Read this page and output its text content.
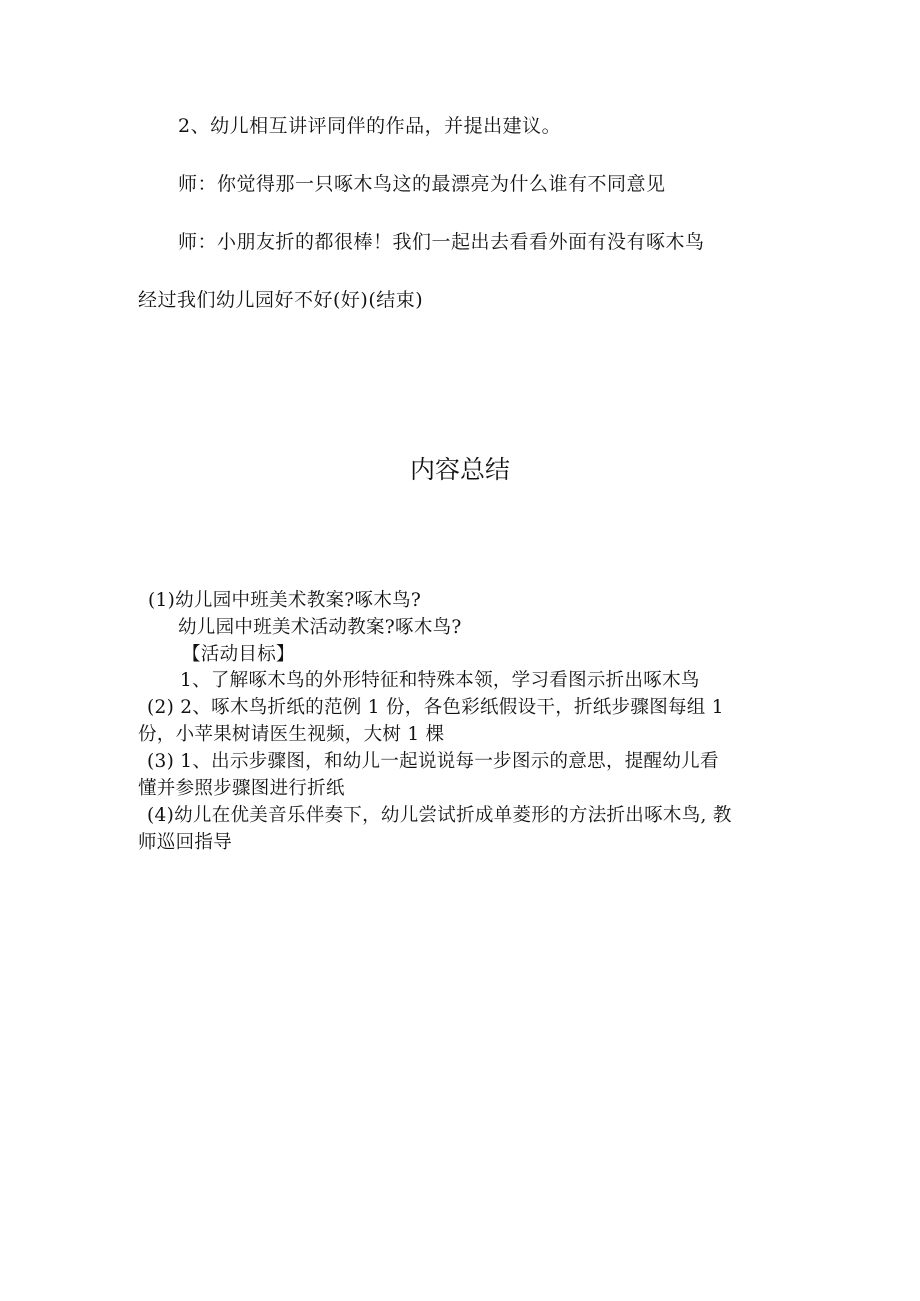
2、幼儿相互讲评同伴的作品，并提出建议。
师：你觉得那一只啄木鸟这的最漂亮为什么谁有不同意见
师：小朋友折的都很棒！我们一起出去看看外面有没有啄木鸟
经过我们幼儿园好不好(好)(结束)
内容总结
(1)幼儿园中班美术教案?啄木鸟?
幼儿园中班美术活动教案?啄木鸟?
【活动目标】
1、了解啄木鸟的外形特征和特殊本领，学习看图示折出啄木鸟
(2) 2、啄木鸟折纸的范例 1 份，各色彩纸假设干，折纸步骤图每组 1
份，小苹果树请医生视频，大树 1 棵
(3) 1、出示步骤图，和幼儿一起说说每一步图示的意思，提醒幼儿看
懂并参照步骤图进行折纸
(4)幼儿在优美音乐伴奏下，幼儿尝试折成单菱形的方法折出啄木鸟, 教
师巡回指导
